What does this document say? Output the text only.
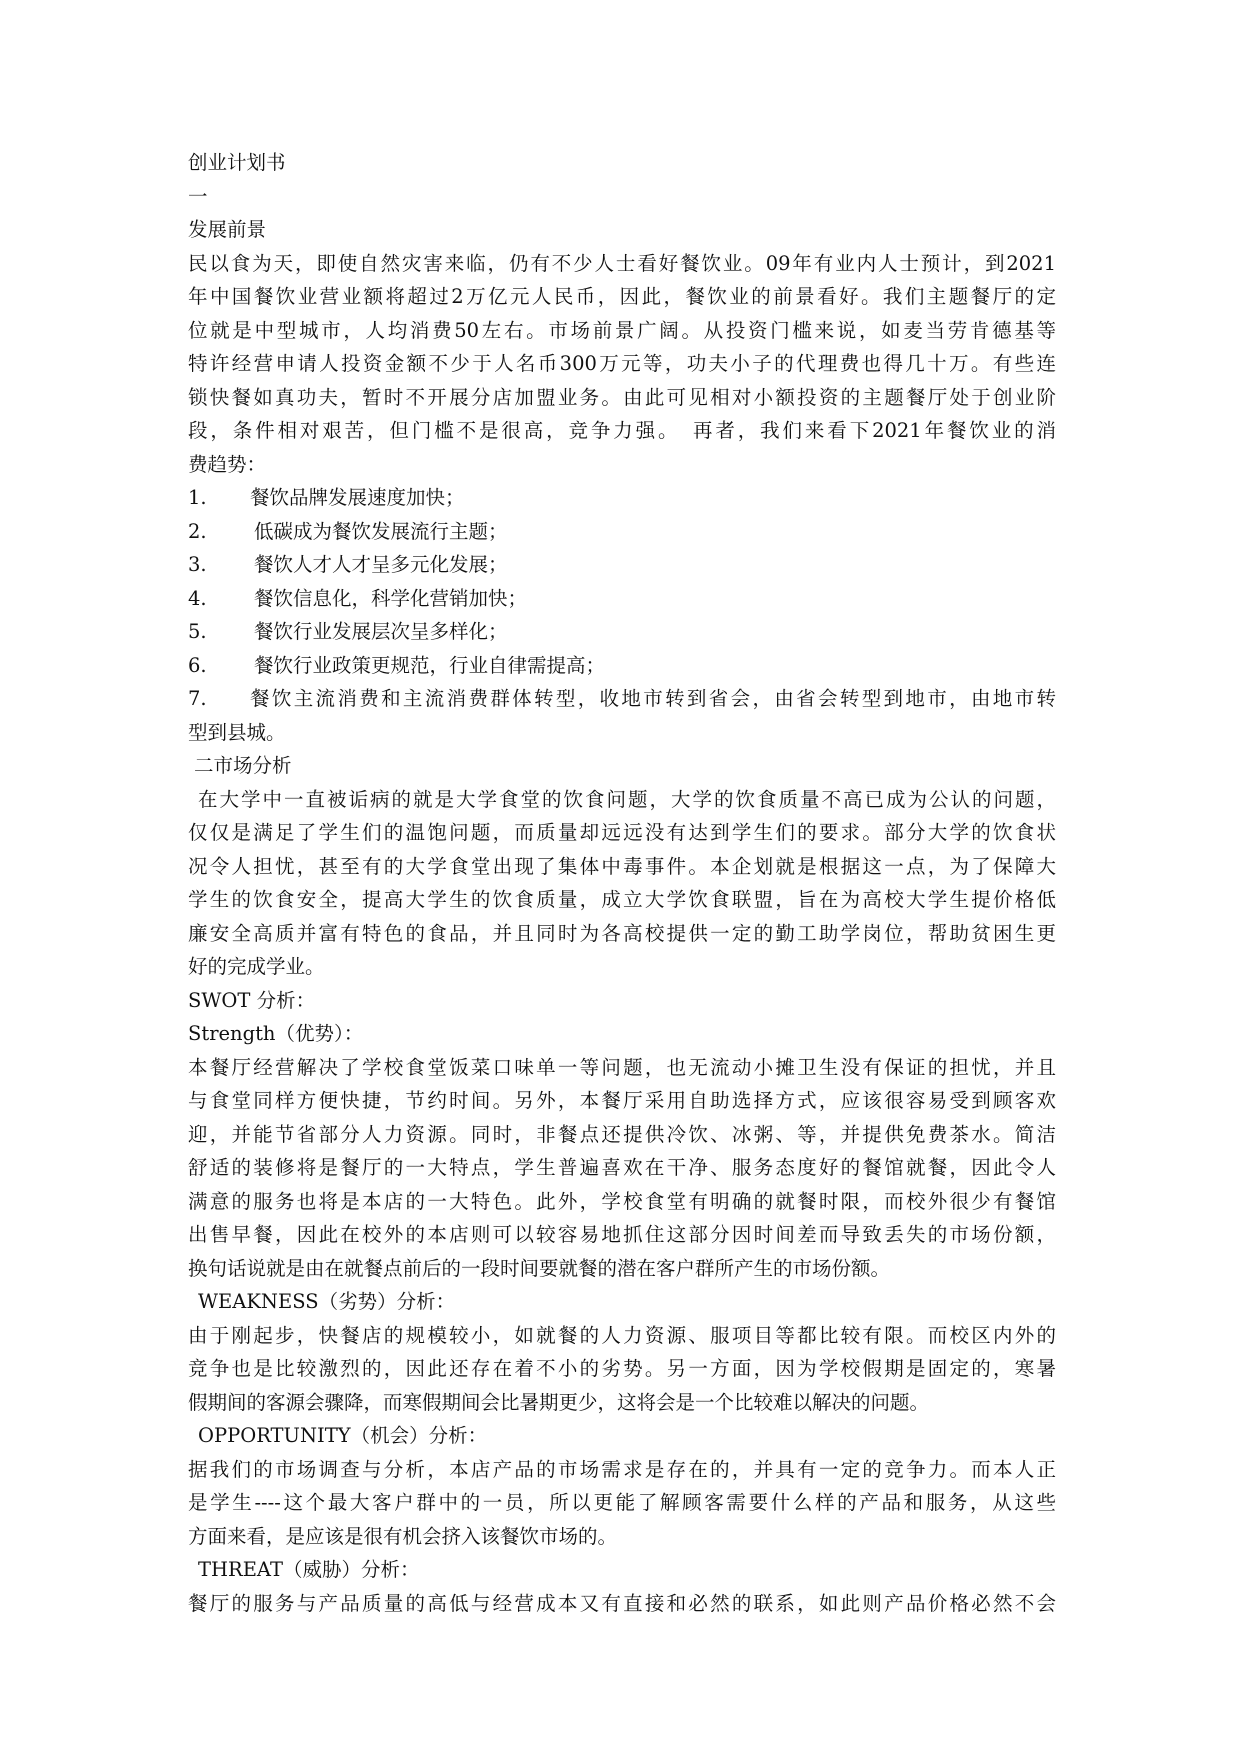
创业计划书
一
发展前景
民以食为天，即使自然灾害来临，仍有不少人士看好餐饮业。09年有业内人士预计，到2021
年中国餐饮业营业额将超过2万亿元人民币，因此，餐饮业的前景看好。我们主题餐厅的定
位就是中型城市，人均消费50左右。市场前景广阔。从投资门槛来说，如麦当劳肯德基等
特许经营申请人投资金额不少于人名币300万元等，功夫小子的代理费也得几十万。有些连
锁快餐如真功夫，暂时不开展分店加盟业务。由此可见相对小额投资的主题餐厅处于创业阶
段，条件相对艰苦，但门槛不是很高，竞争力强。　再者，我们来看下2021年餐饮业的消
费趋势：
1.	餐饮品牌发展速度加快；
2.	低碳成为餐饮发展流行主题；
3.	餐饮人才人才呈多元化发展；
4.	餐饮信息化，科学化营销加快；
5.	餐饮行业发展层次呈多样化；
6.	餐饮行业政策更规范，行业自律需提高；
7.	餐饮主流消费和主流消费群体转型，收地市转到省会，由省会转型到地市，由地市转
型到县城。
二市场分析
在大学中一直被诟病的就是大学食堂的饮食问题，大学的饮食质量不高已成为公认的问题，
仅仅是满足了学生们的温饱问题，而质量却远远没有达到学生们的要求。部分大学的饮食状
况令人担忧，甚至有的大学食堂出现了集体中毒事件。本企划就是根据这一点，为了保障大
学生的饮食安全，提高大学生的饮食质量，成立大学饮食联盟，旨在为高校大学生提价格低
廉安全高质并富有特色的食品，并且同时为各高校提供一定的勤工助学岗位，帮助贫困生更
好的完成学业。
SWOT 分析：
Strength（优势）：
本餐厅经营解决了学校食堂饭菜口味单一等问题，也无流动小摊卫生没有保证的担忧，并且
与食堂同样方便快捷，节约时间。另外，本餐厅采用自助选择方式，应该很容易受到顾客欢
迎，并能节省部分人力资源。同时，非餐点还提供冷饮、冰粥、等，并提供免费茶水。简洁
舒适的装修将是餐厅的一大特点，学生普遍喜欢在干净、服务态度好的餐馆就餐，因此令人
满意的服务也将是本店的一大特色。此外，学校食堂有明确的就餐时限，而校外很少有餐馆
出售早餐，因此在校外的本店则可以较容易地抓住这部分因时间差而导致丢失的市场份额，
换句话说就是由在就餐点前后的一段时间要就餐的潜在客户群所产生的市场份额。
WEAKNESS（劣势）分析：
由于刚起步，快餐店的规模较小，如就餐的人力资源、服项目等都比较有限。而校区内外的
竞争也是比较激烈的，因此还存在着不小的劣势。另一方面，因为学校假期是固定的，寒暑
假期间的客源会骤降，而寒假期间会比暑期更少，这将会是一个比较难以解决的问题。
OPPORTUNITY（机会）分析：
据我们的市场调查与分析，本店产品的市场需求是存在的，并具有一定的竞争力。而本人正
是学生----这个最大客户群中的一员，所以更能了解顾客需要什么样的产品和服务，从这些
方面来看，是应该是很有机会挤入该餐饮市场的。
THREAT（威胁）分析：
餐厅的服务与产品质量的高低与经营成本又有直接和必然的联系，如此则产品价格必然不会
